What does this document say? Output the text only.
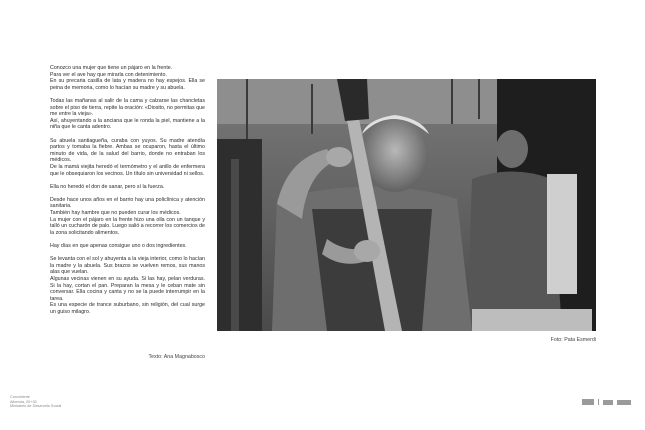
Conozco una mujer que tiene un pájaro en la frente.
Para ver el ave hay que mirarla con detenimiento.
En su precaria casilla de lata y madera no hay espejos. Ella se peina de memoria, como lo hacían su madre y su abuela.
Todas las mañanas al salir de la cama y calzarse las chancletas sobre el piso de tierra, repite la oración: «Diosito, no permitas que me entre la vieja».
Así, ahuyentando a la anciana que le ronda la piel, mantiene a la niña que le canta adentro.
Su abuela santiagueña, curaba con yuyos. Su madre atendía partos y tomaba la fiebre. Ambas se ocuparon, hasta el último minuto de vida, de la salud del barrio, donde no entraban los médicos.
De la mamá viejita heredó el termómetro y el anillo de enfermera que le obsequiaron los vecinos. Un título sin universidad ni sellos.
Ella no heredó el don de sanar, pero sí la fuerza.
Desde hace unos años en el barrio hay una policlínica y atención sanitaria.
También hay hambre que no pueden curar los médicos.
La mujer con el pájaro en la frente hizo una olla con un tanque y talló un cucharón de palo. Luego salió a recorrer los comercios de la zona solicitando alimentos.
Hay días en que apenas consigue uno o dos ingredientes.
Se levanta con el sol y ahuyenta a la vieja interior, como lo hacían la madre y la abuela. Sus brazos se vuelven remos, sus manos alas que vuelan.
Algunas vecinas vienen en su ayuda. Si las hay, pelan verduras. Si la hay, cortan el pan. Preparan la mesa y le ceban mate sin conversar. Ella cocina y canta y no se la puede interrumpir en la tarea.
Es una especie de trance suburbano, sin religión, del cual surge un guiso milagro.
Texto: Ana Magnabosco
Foto: Pata Esmerdi
Conviviente
Alberola, 20+30
Ministerio de Desarrollo Social
